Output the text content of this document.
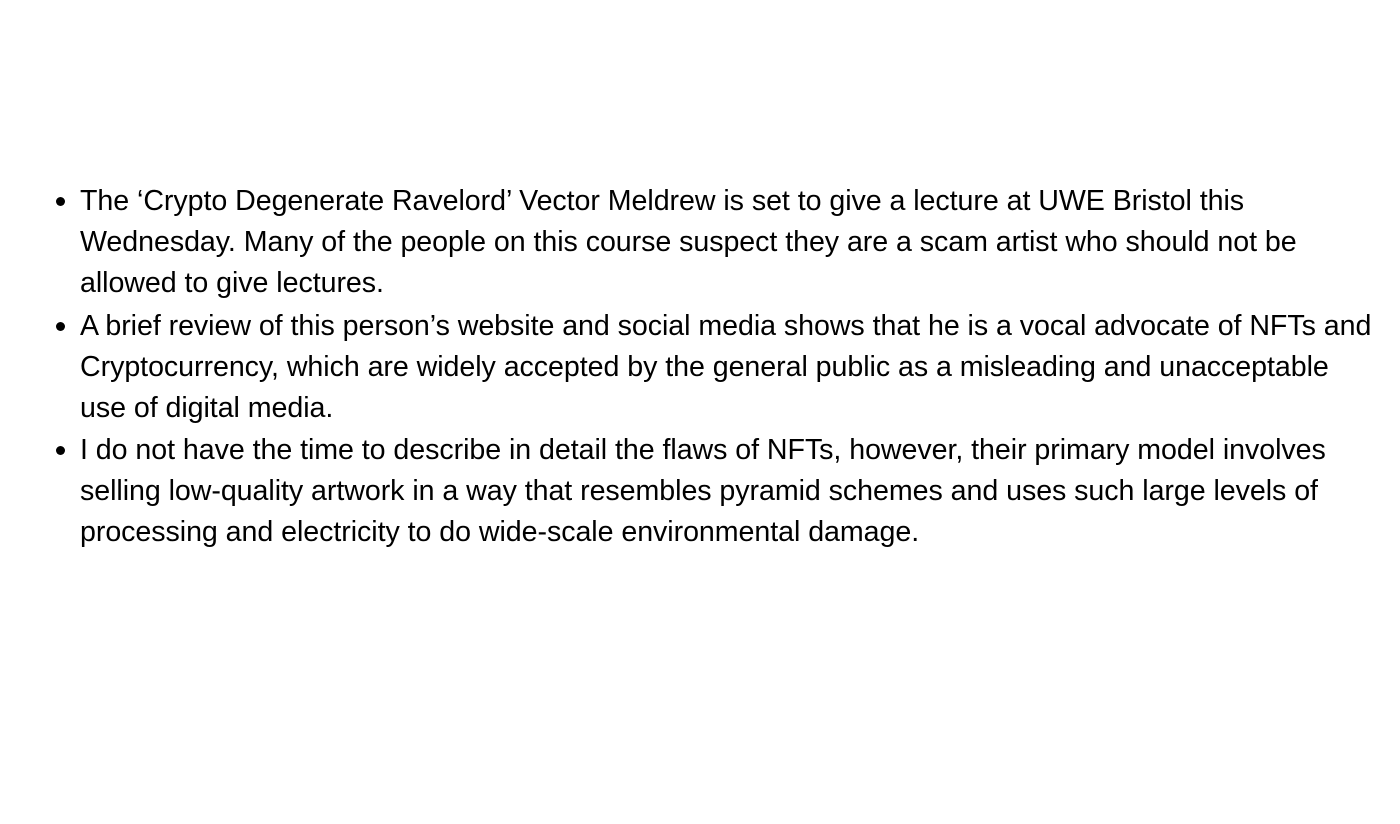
The ‘Crypto Degenerate Ravelord’ Vector Meldrew is set to give a lecture at UWE Bristol this Wednesday. Many of the people on this course suspect they are a scam artist who should not be allowed to give lectures.
A brief review of this person’s website and social media shows that he is a vocal advocate of NFTs and Cryptocurrency, which are widely accepted by the general public as a misleading and unacceptable use of digital media.
I do not have the time to describe in detail the flaws of NFTs, however, their primary model involves selling low-quality artwork in a way that resembles pyramid schemes and uses such large levels of processing and electricity to do wide-scale environmental damage.
